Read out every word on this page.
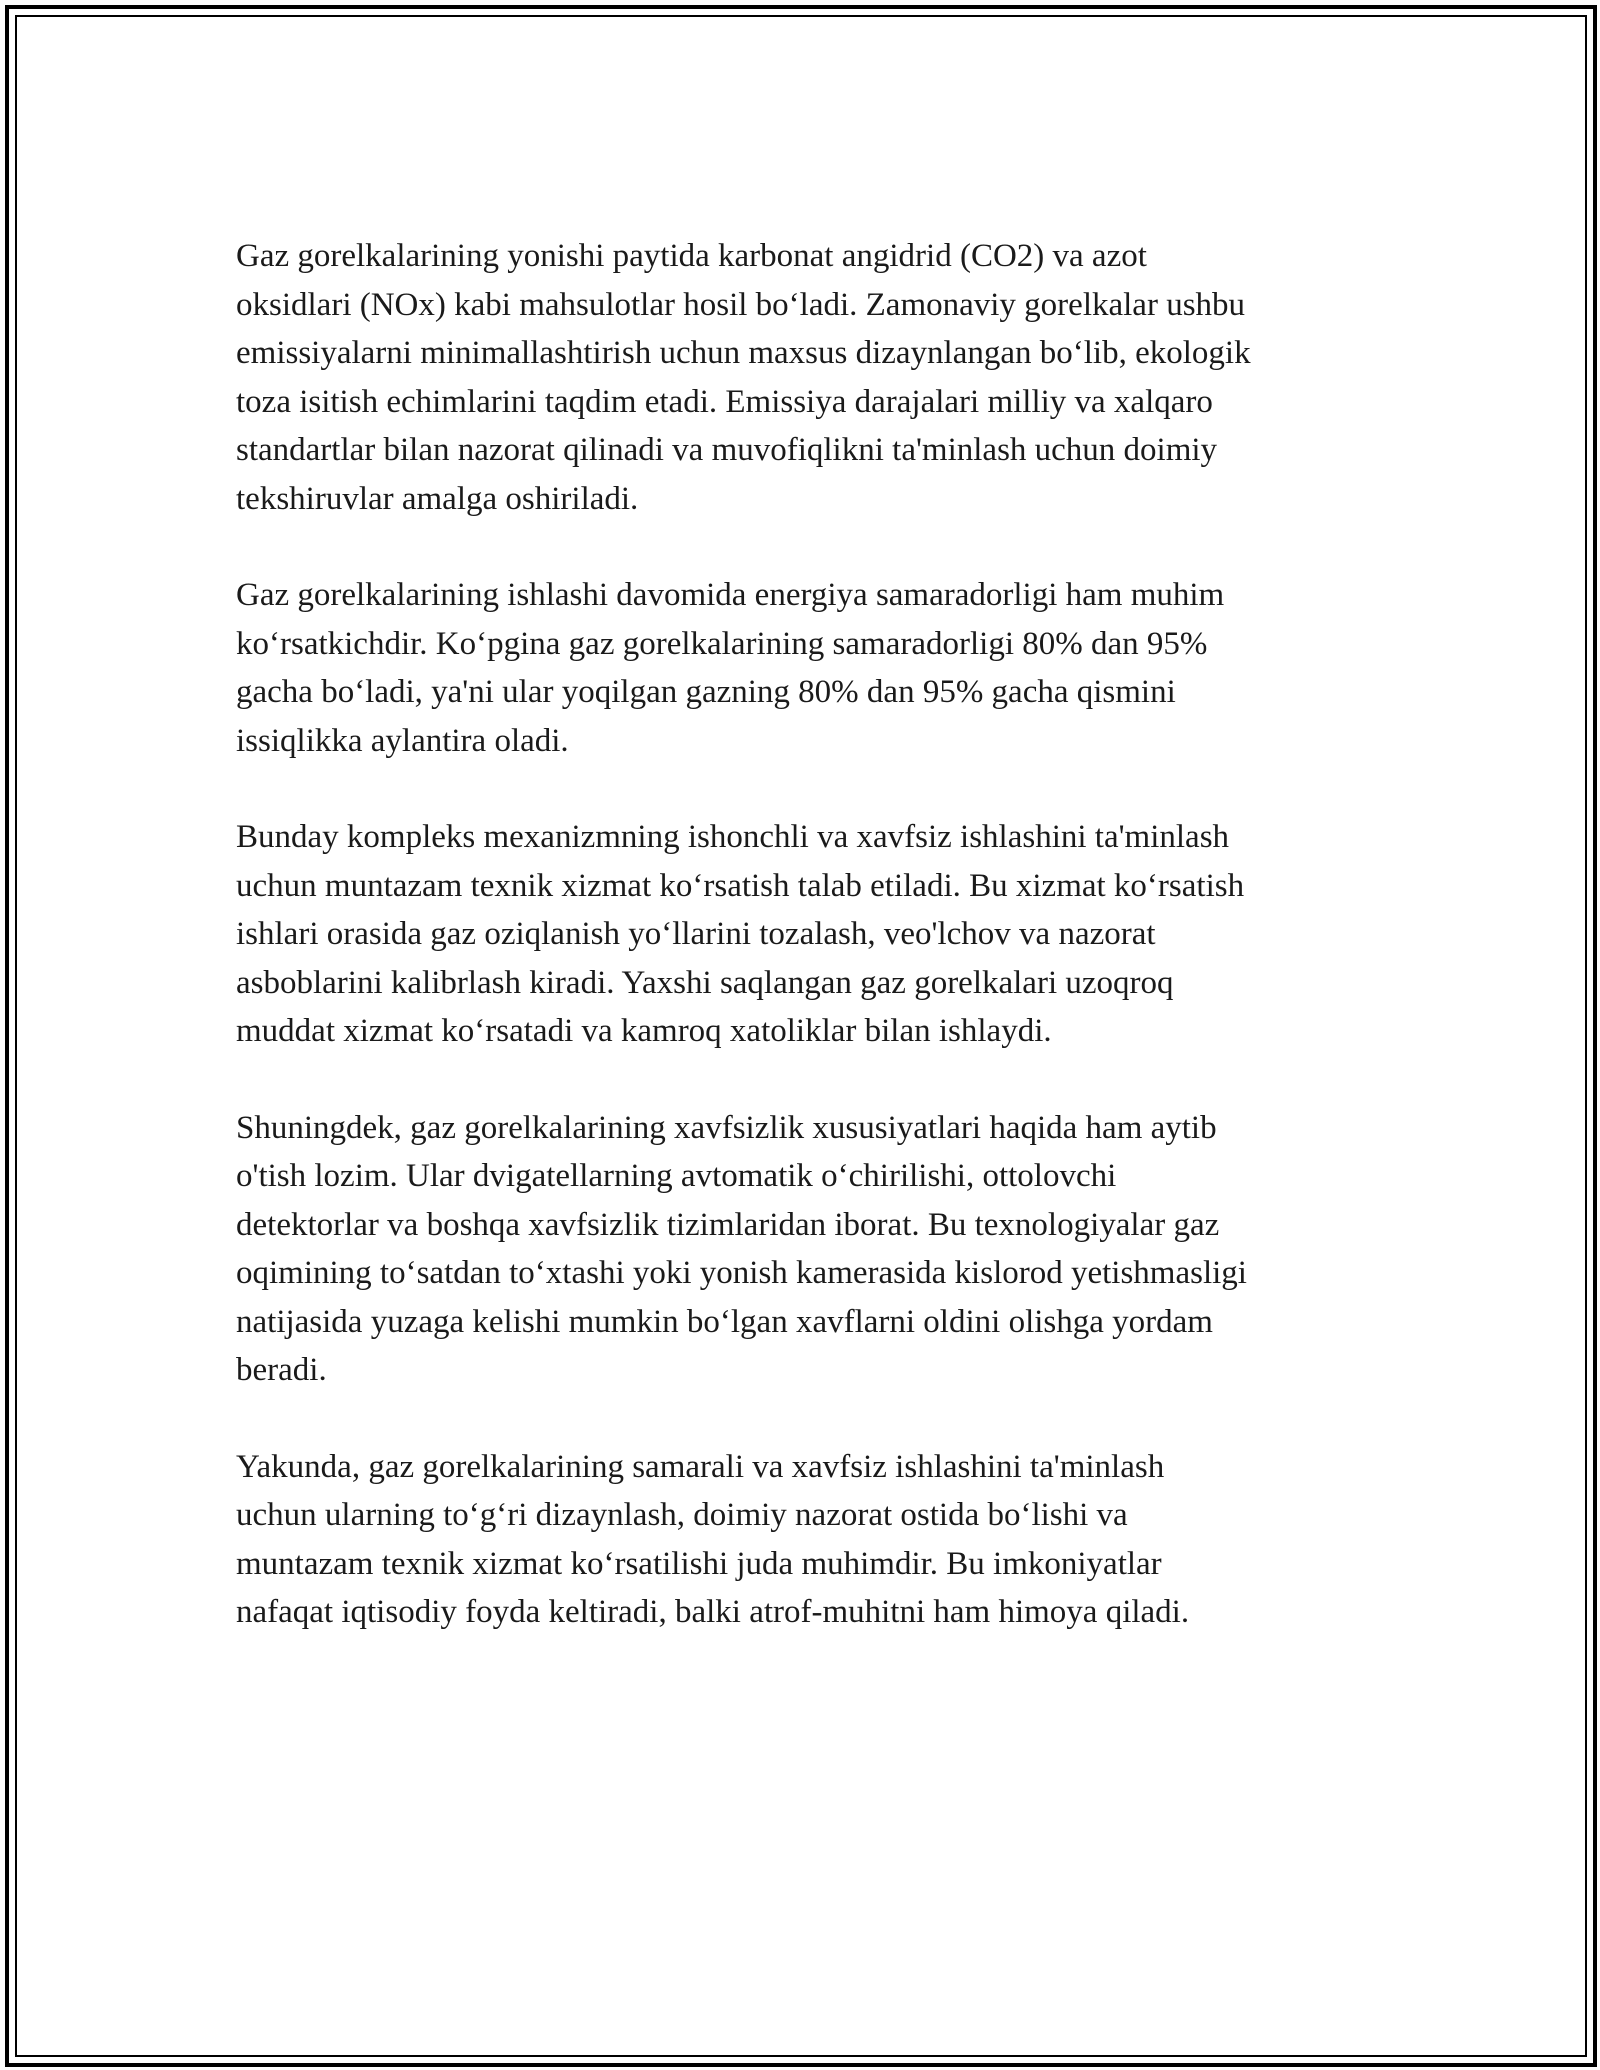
Gaz gorelkalarining yonishi paytida karbonat angidrid (CO2) va azot
oksidlari (NOx) kabi mahsulotlar hosil bo‘ladi. Zamonaviy gorelkalar ushbu
emissiyalarni minimallashtirish uchun maxsus dizaynlangan bo‘lib, ekologik
toza isitish echimlarini taqdim etadi. Emissiya darajalari milliy va xalqaro
standartlar bilan nazorat qilinadi va muvofiqlikni ta'minlash uchun doimiy
tekshiruvlar amalga oshiriladi.

Gaz gorelkalarining ishlashi davomida energiya samaradorligi ham muhim
ko‘rsatkichdir. Ko‘pgina gaz gorelkalarining samaradorligi 80% dan 95%
gacha bo‘ladi, ya'ni ular yoqilgan gazning 80% dan 95% gacha qismini
issiqlikka aylantira oladi.

Bunday kompleks mexanizmning ishonchli va xavfsiz ishlashini ta'minlash
uchun muntazam texnik xizmat ko‘rsatish talab etiladi. Bu xizmat ko‘rsatish
ishlari orasida gaz oziqlanish yo‘llarini tozalash, veo'lchov va nazorat
asboblarini kalibrlash kiradi. Yaxshi saqlangan gaz gorelkalari uzoqroq
muddat xizmat ko‘rsatadi va kamroq xatoliklar bilan ishlaydi.

Shuningdek, gaz gorelkalarining xavfsizlik xususiyatlari haqida ham aytib
o'tish lozim. Ular dvigatellarning avtomatik o‘chirilishi, ottolovchi
detektorlar va boshqa xavfsizlik tizimlaridan iborat. Bu texnologiyalar gaz
oqimining to‘satdan to‘xtashi yoki yonish kamerasida kislorod yetishmasligi
natijasida yuzaga kelishi mumkin bo‘lgan xavflarni oldini olishga yordam
beradi.

Yakunda, gaz gorelkalarining samarali va xavfsiz ishlashini ta'minlash
uchun ularning to‘g‘ri dizaynlash, doimiy nazorat ostida bo‘lishi va
muntazam texnik xizmat ko‘rsatilishi juda muhimdir. Bu imkoniyatlar
nafaqat iqtisodiy foyda keltiradi, balki atrof-muhitni ham himoya qiladi.
